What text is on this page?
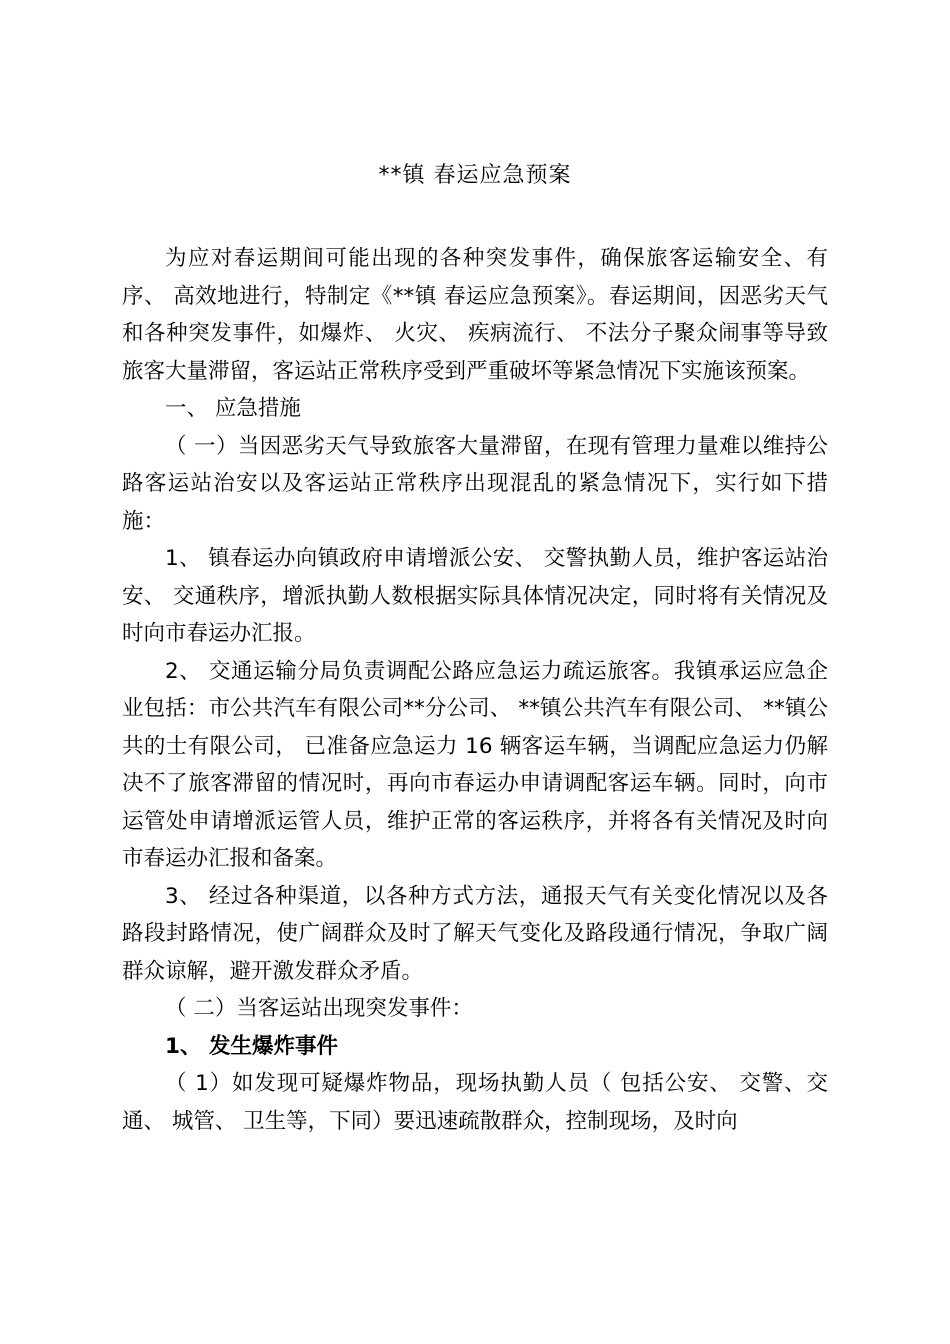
**镇 春运应急预案

为应对春运期间可能出现的各种突发事件，确保旅客运输安全、有序、 高效地进行，特制定《**镇 春运应急预案》。春运期间，因恶劣天气和各种突发事件，如爆炸、 火灾、 疾病流行、 不法分子聚众闹事等导致旅客大量滞留，客运站正常秩序受到严重破坏等紧急情况下实施该预案。

一、 应急措施

（ 一）当因恶劣天气导致旅客大量滞留，在现有管理力量难以维持公路客运站治安以及客运站正常秩序出现混乱的紧急情况下，实行如下措施：

1、 镇春运办向镇政府申请增派公安、 交警执勤人员，维护客运站治安、 交通秩序，增派执勤人数根据实际具体情况决定，同时将有关情况及时向市春运办汇报。

2、 交通运输分局负责调配公路应急运力疏运旅客。我镇承运应急企业包括：市公共汽车有限公司**分公司、 **镇公共汽车有限公司、 **镇公共的士有限公司， 已准备应急运力 16 辆客运车辆，当调配应急运力仍解决不了旅客滞留的情况时，再向市春运办申请调配客运车辆。同时，向市运管处申请增派运管人员，维护正常的客运秩序，并将各有关情况及时向市春运办汇报和备案。

3、 经过各种渠道，以各种方式方法，通报天气有关变化情况以及各路段封路情况，使广阔群众及时了解天气变化及路段通行情况，争取广阔群众谅解，避开激发群众矛盾。

（ 二）当客运站出现突发事件：

1、 发生爆炸事件

（ 1）如发现可疑爆炸物品，现场执勤人员（ 包括公安、 交警、交通、 城管、 卫生等，下同）要迅速疏散群众，控制现场，及时向
